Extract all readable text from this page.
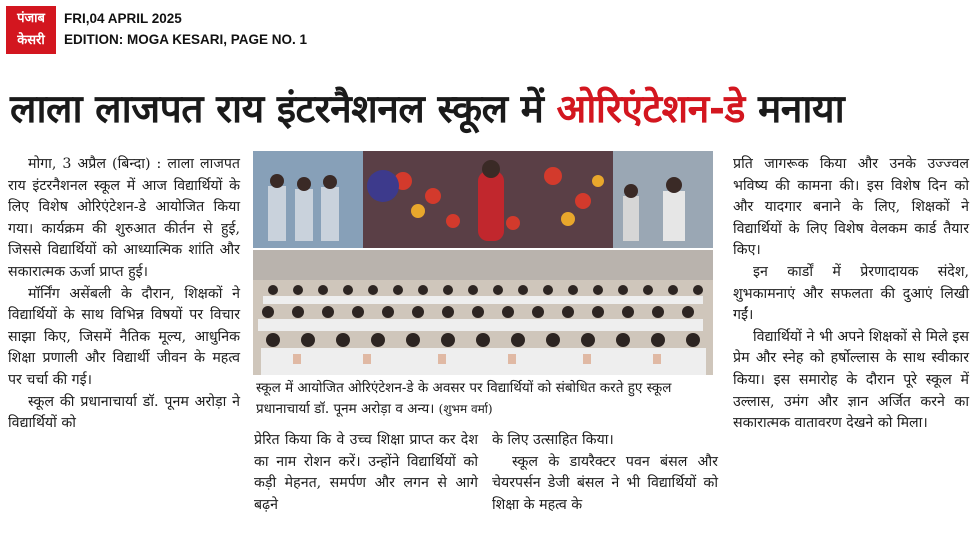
पंजाब
केसरी
FRI,04 APRIL 2025
EDITION: MOGA KESARI, PAGE NO. 1
लाला लाजपत राय इंटरनैशनल स्कूल में ओरिएंटेशन-डे मनाया

मोगा, 3 अप्रैल (बिन्दा) : लाला लाजपत राय इंटरनैशनल स्कूल में आज विद्यार्थियों के लिए विशेष ओरिएंटेशन-डे आयोजित किया गया। कार्यक्रम की शुरुआत कीर्तन से हुई, जिससे विद्यार्थियों को आध्यात्मिक शांति और सकारात्मक ऊर्जा प्राप्त हुई।

मॉर्निंग असेंबली के दौरान, शिक्षकों ने विद्यार्थियों के साथ विभिन्न विषयों पर विचार साझा किए, जिसमें नैतिक मूल्य, आधुनिक शिक्षा प्रणाली और विद्यार्थी जीवन के महत्व पर चर्चा की गई।

स्कूल की प्रधानाचार्या डॉ. पूनम अरोड़ा ने विद्यार्थियों को

स्कूल में आयोजित ओरिएंटेशन-डे के अवसर पर विद्यार्थियों को संबोधित करते हुए स्कूल प्रधानाचार्या डॉ. पूनम अरोड़ा व अन्य। (शुभम वर्मा)

प्रेरित किया कि वे उच्च शिक्षा प्राप्त कर देश का नाम रोशन करें। उन्होंने विद्यार्थियों को कड़ी मेहनत, समर्पण और लगन से आगे बढ़ने

के लिए उत्साहित किया।

स्कूल के डायरैक्टर पवन बंसल और चेयरपर्सन डेजी बंसल ने भी विद्यार्थियों को शिक्षा के महत्व के

प्रति जागरूक किया और उनके उज्ज्वल भविष्य की कामना की। इस विशेष दिन को और यादगार बनाने के लिए, शिक्षकों ने विद्यार्थियों के लिए विशेष वेलकम कार्ड तैयार किए।

इन कार्डों में प्रेरणादायक संदेश, शुभकामनाएं और सफलता की दुआएं लिखी गईं।

विद्यार्थियों ने भी अपने शिक्षकों से मिले इस प्रेम और स्नेह को हर्षोल्लास के साथ स्वीकार किया। इस समारोह के दौरान पूरे स्कूल में उल्लास, उमंग और ज्ञान अर्जित करने का सकारात्मक वातावरण देखने को मिला।
